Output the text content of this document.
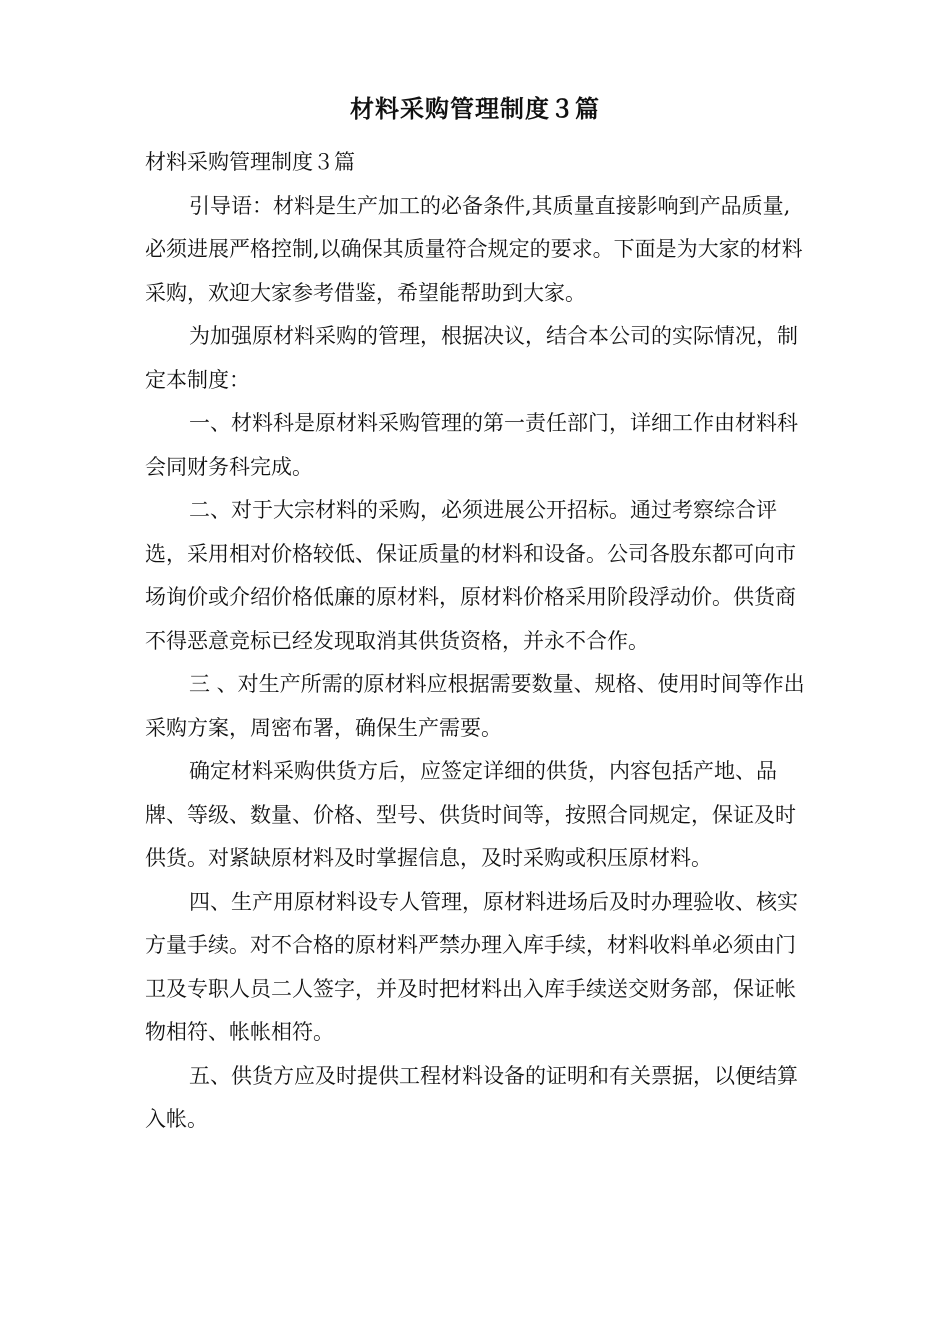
材料采购管理制度３篇

材料采购管理制度３篇

引导语：材料是生产加工的必备条件,其质量直接影响到产品质量,必须进展严格控制,以确保其质量符合规定的要求。下面是为大家的材料采购，欢迎大家参考借鉴，希望能帮助到大家。

为加强原材料采购的管理，根据决议，结合本公司的实际情况，制定本制度：

一、材料科是原材料采购管理的第一责任部门，详细工作由材料科会同财务科完成。

二、对于大宗材料的采购，必须进展公开招标。通过考察综合评选，采用相对价格较低、保证质量的材料和设备。公司各股东都可向市场询价或介绍价格低廉的原材料，原材料价格采用阶段浮动价。供货商不得恶意竞标已经发现取消其供货资格，并永不合作。

三 、对生产所需的原材料应根据需要数量、规格、使用时间等作出采购方案，周密布署，确保生产需要。

确定材料采购供货方后，应签定详细的供货，内容包括产地、品牌、等级、数量、价格、型号、供货时间等，按照合同规定，保证及时供货。对紧缺原材料及时掌握信息，及时采购或积压原材料。

四、生产用原材料设专人管理，原材料进场后及时办理验收、核实方量手续。对不合格的原材料严禁办理入库手续，材料收料单必须由门卫及专职人员二人签字，并及时把材料出入库手续送交财务部，保证帐物相符、帐帐相符。

五、供货方应及时提供工程材料设备的证明和有关票据，以便结算入帐。
